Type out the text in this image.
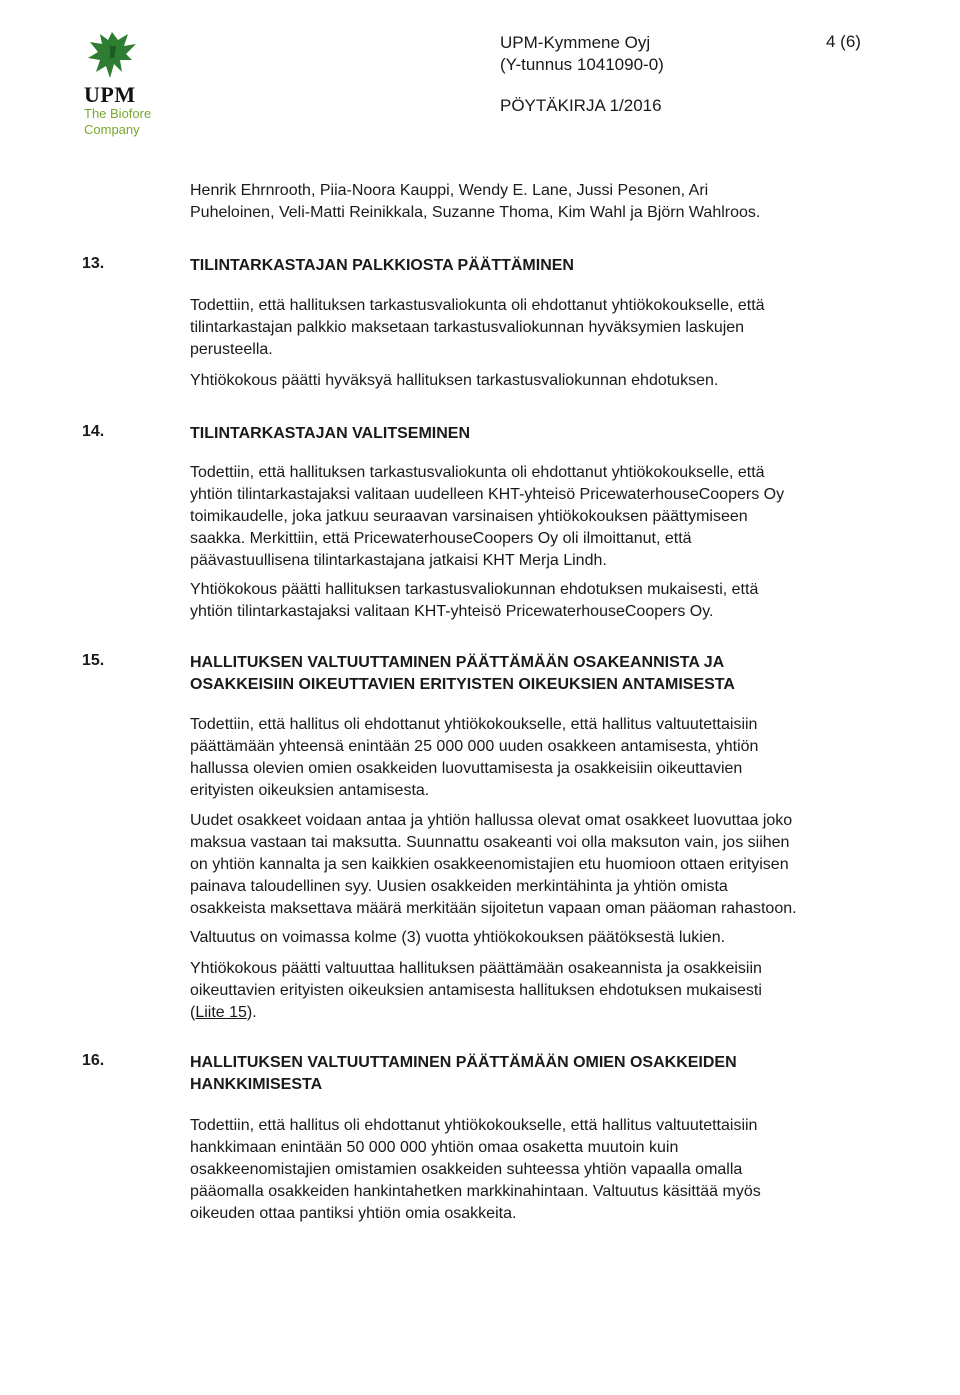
UPM
The Biofore
Company
UPM-Kymmene Oyj
(Y-tunnus 1041090-0)
4 (6)
PÖYTÄKIRJA 1/2016
Henrik Ehrnrooth, Piia-Noora Kauppi, Wendy E. Lane, Jussi Pesonen, Ari
Puheloinen, Veli-Matti Reinikkala, Suzanne Thoma, Kim Wahl ja Björn Wahlroos.
13.	TILINTARKASTAJAN PALKKIOSTA PÄÄTTÄMINEN
Todettiin, että hallituksen tarkastusvaliokunta oli ehdottanut yhtiökokoukselle, että
tilintarkastajan palkkio maksetaan tarkastusvaliokunnan hyväksymien laskujen
perusteella.
Yhtiökokous päätti hyväksyä hallituksen tarkastusvaliokunnan ehdotuksen.
14.	TILINTARKASTAJAN VALITSEMINEN
Todettiin, että hallituksen tarkastusvaliokunta oli ehdottanut yhtiökokoukselle, että
yhtiön tilintarkastajaksi valitaan uudelleen KHT-yhteisö PricewaterhouseCoopers Oy
toimikaudelle, joka jatkuu seuraavan varsinaisen yhtiökokouksen päättymiseen
saakka. Merkittiin, että PricewaterhouseCoopers Oy oli ilmoittanut, että
päävastuullisena tilintarkastajana jatkaisi KHT Merja Lindh.
Yhtiökokous päätti hallituksen tarkastusvaliokunnan ehdotuksen mukaisesti, että
yhtiön tilintarkastajaksi valitaan KHT-yhteisö PricewaterhouseCoopers Oy.
15.	HALLITUKSEN VALTUUTTAMINEN PÄÄTTÄMÄÄN OSAKEANNISTA JA
OSAKKEISIIN OIKEUTTAVIEN ERITYISTEN OIKEUKSIEN ANTAMISESTA
Todettiin, että hallitus oli ehdottanut yhtiökokoukselle, että hallitus valtuutettaisiin
päättämään yhteensä enintään 25 000 000 uuden osakkeen antamisesta, yhtiön
hallussa olevien omien osakkeiden luovuttamisesta ja osakkeisiin oikeuttavien
erityisten oikeuksien antamisesta.
Uudet osakkeet voidaan antaa ja yhtiön hallussa olevat omat osakkeet luovuttaa joko
maksua vastaan tai maksutta. Suunnattu osakeanti voi olla maksuton vain, jos siihen
on yhtiön kannalta ja sen kaikkien osakkeenomistajien etu huomioon ottaen erityisen
painava taloudellinen syy. Uusien osakkeiden merkintähinta ja yhtiön omista
osakkeista maksettava määrä merkitään sijoitetun vapaan oman pääoman rahastoon.
Valtuutus on voimassa kolme (3) vuotta yhtiökokouksen päätöksestä lukien.
Yhtiökokous päätti valtuuttaa hallituksen päättämään osakeannista ja osakkeisiin
oikeuttavien erityisten oikeuksien antamisesta hallituksen ehdotuksen mukaisesti
(Liite 15).
16.	HALLITUKSEN VALTUUTTAMINEN PÄÄTTÄMÄÄN OMIEN OSAKKEIDEN
HANKKIMISESTA
Todettiin, että hallitus oli ehdottanut yhtiökokoukselle, että hallitus valtuutettaisiin
hankkimaan enintään 50 000 000 yhtiön omaa osaketta muutoin kuin
osakkeenomistajien omistamien osakkeiden suhteessa yhtiön vapaalla omalla
pääomalla osakkeiden hankintahetken markkinahintaan. Valtuutus käsittää myös
oikeuden ottaa pantiksi yhtiön omia osakkeita.
